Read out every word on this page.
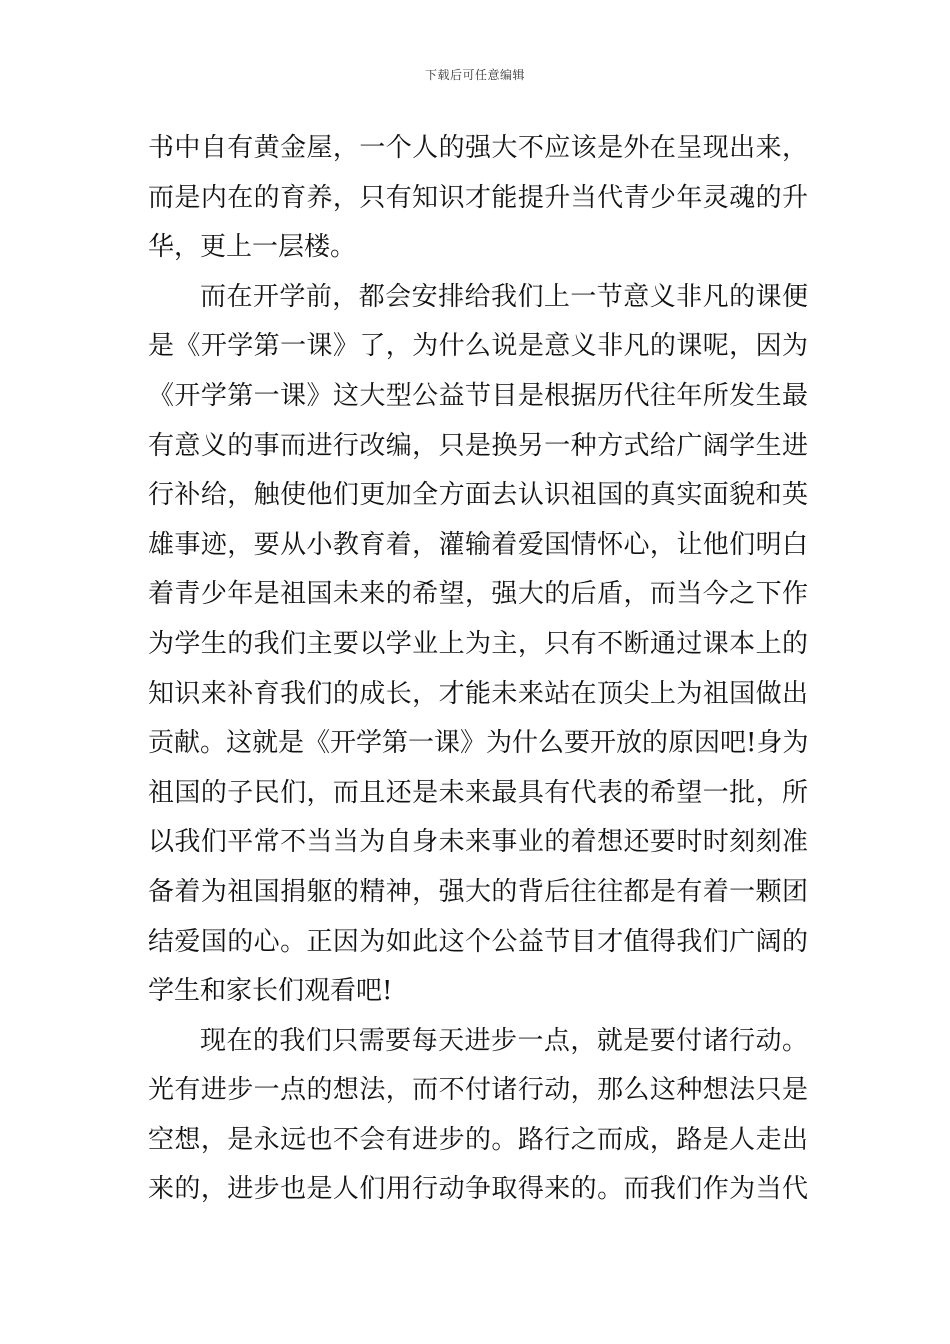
下载后可任意编辑
书中自有黄金屋，一个人的强大不应该是外在呈现出来，
而是内在的育养，只有知识才能提升当代青少年灵魂的升
华，更上一层楼。
而在开学前，都会安排给我们上一节意义非凡的课便
是《开学第一课》了，为什么说是意义非凡的课呢，因为
《开学第一课》这大型公益节目是根据历代往年所发生最
有意义的事而进行改编，只是换另一种方式给广阔学生进
行补给，触使他们更加全方面去认识祖国的真实面貌和英
雄事迹，要从小教育着，灌输着爱国情怀心，让他们明白
着青少年是祖国未来的希望，强大的后盾，而当今之下作
为学生的我们主要以学业上为主，只有不断通过课本上的
知识来补育我们的成长，才能未来站在顶尖上为祖国做出
贡献。这就是《开学第一课》为什么要开放的原因吧!身为
祖国的子民们，而且还是未来最具有代表的希望一批，所
以我们平常不当当为自身未来事业的着想还要时时刻刻准
备着为祖国捐躯的精神，强大的背后往往都是有着一颗团
结爱国的心。正因为如此这个公益节目才值得我们广阔的
学生和家长们观看吧!
现在的我们只需要每天进步一点，就是要付诸行动。
光有进步一点的想法，而不付诸行动，那么这种想法只是
空想，是永远也不会有进步的。路行之而成，路是人走出
来的，进步也是人们用行动争取得来的。而我们作为当代
